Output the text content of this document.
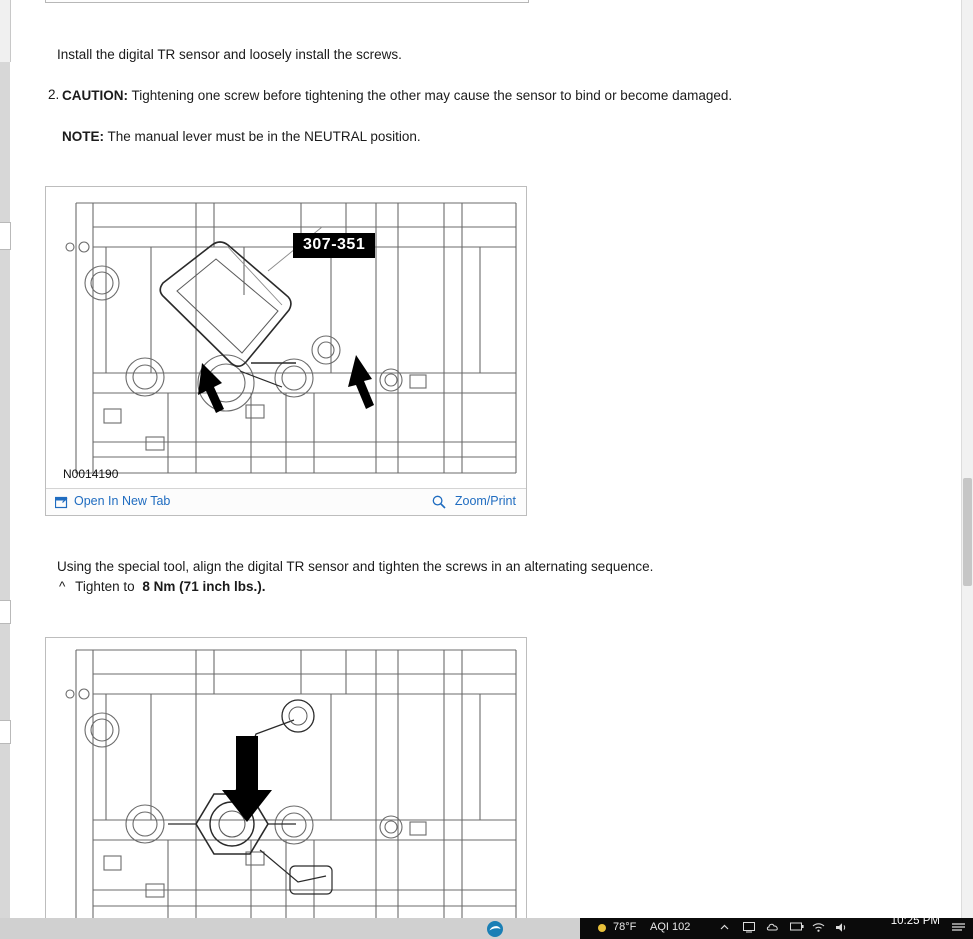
Install the digital TR sensor and loosely install the screws.
2. CAUTION: Tightening one screw before tightening the other may cause the sensor to bind or become damaged.
NOTE: The manual lever must be in the NEUTRAL position.
307-351
N0014190
Open In New Tab	Zoom/Print
Using the special tool, align the digital TR sensor and tighten the screws in an alternating sequence.
^ Tighten to 8 Nm (71 inch lbs.).
78°F AQI 102	10:25 PM
